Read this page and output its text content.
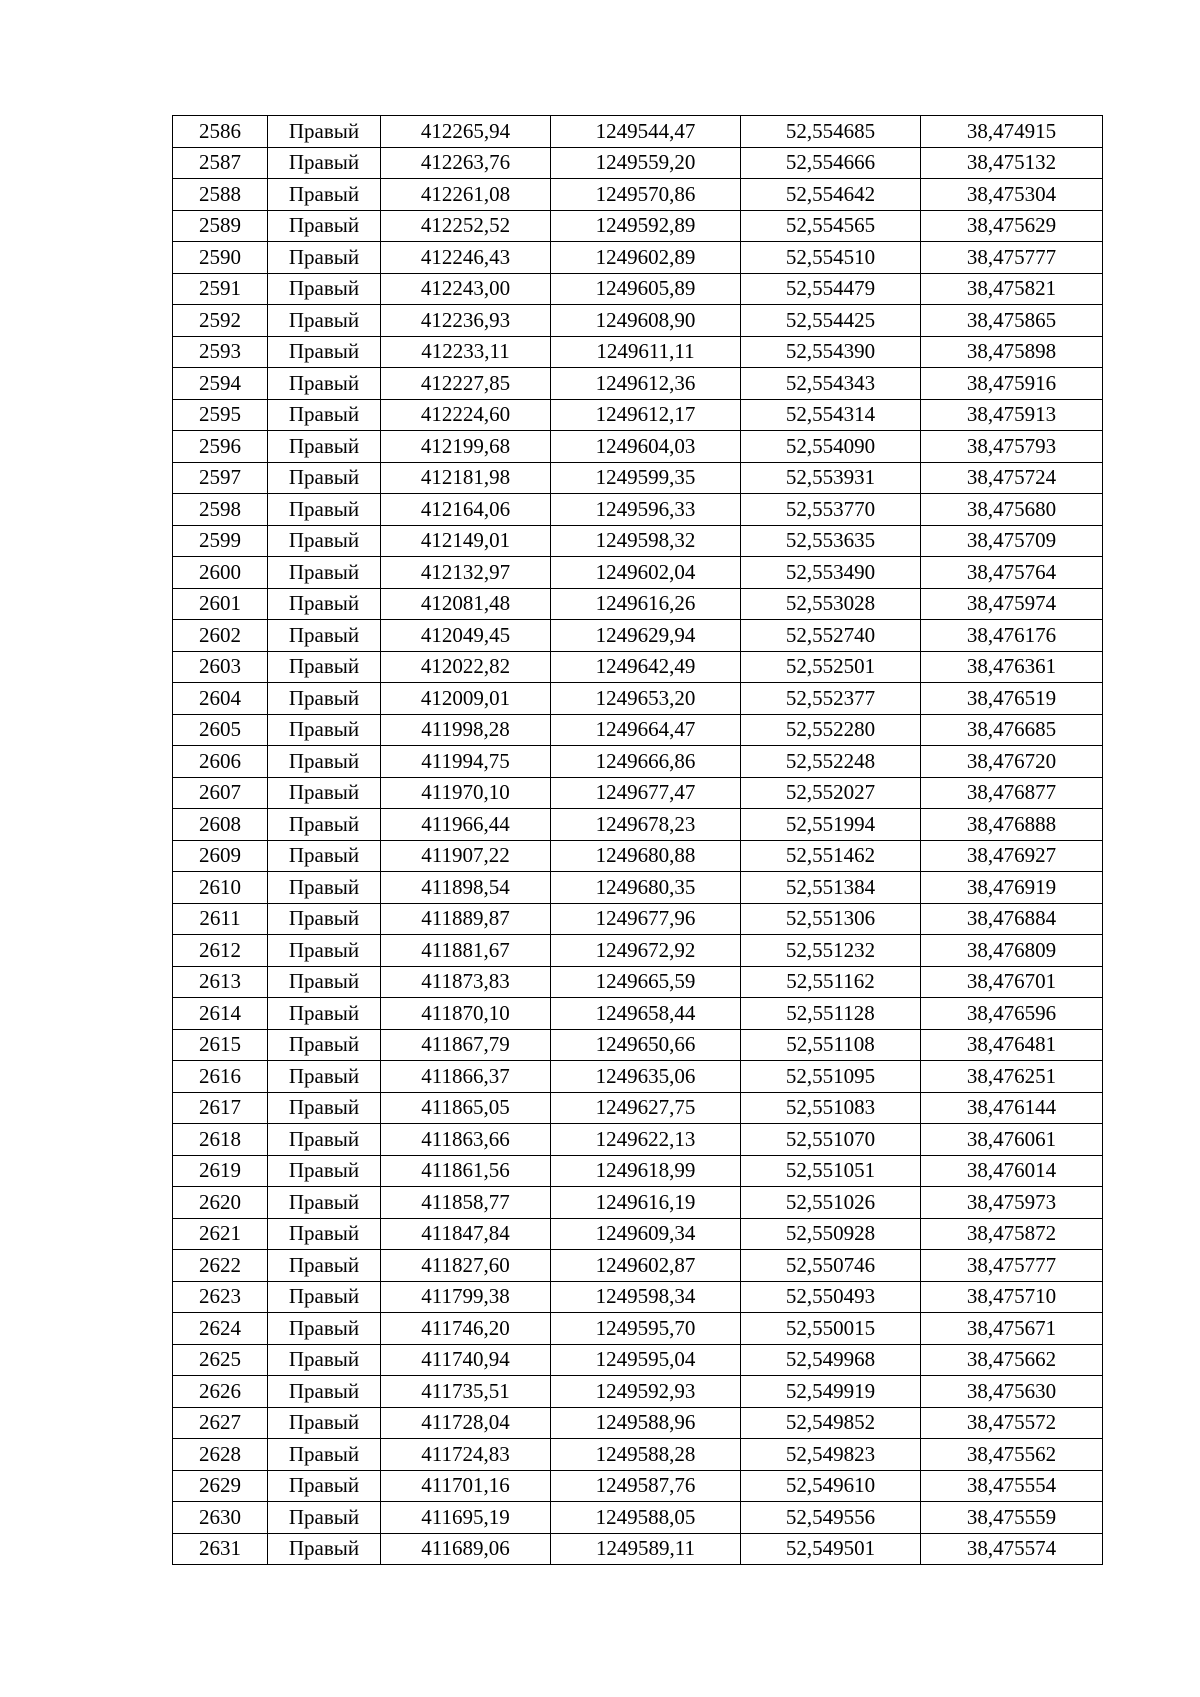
2586	Правый	412265,94	1249544,47	52,554685	38,474915
2587	Правый	412263,76	1249559,20	52,554666	38,475132
2588	Правый	412261,08	1249570,86	52,554642	38,475304
2589	Правый	412252,52	1249592,89	52,554565	38,475629
2590	Правый	412246,43	1249602,89	52,554510	38,475777
2591	Правый	412243,00	1249605,89	52,554479	38,475821
2592	Правый	412236,93	1249608,90	52,554425	38,475865
2593	Правый	412233,11	1249611,11	52,554390	38,475898
2594	Правый	412227,85	1249612,36	52,554343	38,475916
2595	Правый	412224,60	1249612,17	52,554314	38,475913
2596	Правый	412199,68	1249604,03	52,554090	38,475793
2597	Правый	412181,98	1249599,35	52,553931	38,475724
2598	Правый	412164,06	1249596,33	52,553770	38,475680
2599	Правый	412149,01	1249598,32	52,553635	38,475709
2600	Правый	412132,97	1249602,04	52,553490	38,475764
2601	Правый	412081,48	1249616,26	52,553028	38,475974
2602	Правый	412049,45	1249629,94	52,552740	38,476176
2603	Правый	412022,82	1249642,49	52,552501	38,476361
2604	Правый	412009,01	1249653,20	52,552377	38,476519
2605	Правый	411998,28	1249664,47	52,552280	38,476685
2606	Правый	411994,75	1249666,86	52,552248	38,476720
2607	Правый	411970,10	1249677,47	52,552027	38,476877
2608	Правый	411966,44	1249678,23	52,551994	38,476888
2609	Правый	411907,22	1249680,88	52,551462	38,476927
2610	Правый	411898,54	1249680,35	52,551384	38,476919
2611	Правый	411889,87	1249677,96	52,551306	38,476884
2612	Правый	411881,67	1249672,92	52,551232	38,476809
2613	Правый	411873,83	1249665,59	52,551162	38,476701
2614	Правый	411870,10	1249658,44	52,551128	38,476596
2615	Правый	411867,79	1249650,66	52,551108	38,476481
2616	Правый	411866,37	1249635,06	52,551095	38,476251
2617	Правый	411865,05	1249627,75	52,551083	38,476144
2618	Правый	411863,66	1249622,13	52,551070	38,476061
2619	Правый	411861,56	1249618,99	52,551051	38,476014
2620	Правый	411858,77	1249616,19	52,551026	38,475973
2621	Правый	411847,84	1249609,34	52,550928	38,475872
2622	Правый	411827,60	1249602,87	52,550746	38,475777
2623	Правый	411799,38	1249598,34	52,550493	38,475710
2624	Правый	411746,20	1249595,70	52,550015	38,475671
2625	Правый	411740,94	1249595,04	52,549968	38,475662
2626	Правый	411735,51	1249592,93	52,549919	38,475630
2627	Правый	411728,04	1249588,96	52,549852	38,475572
2628	Правый	411724,83	1249588,28	52,549823	38,475562
2629	Правый	411701,16	1249587,76	52,549610	38,475554
2630	Правый	411695,19	1249588,05	52,549556	38,475559
2631	Правый	411689,06	1249589,11	52,549501	38,475574
